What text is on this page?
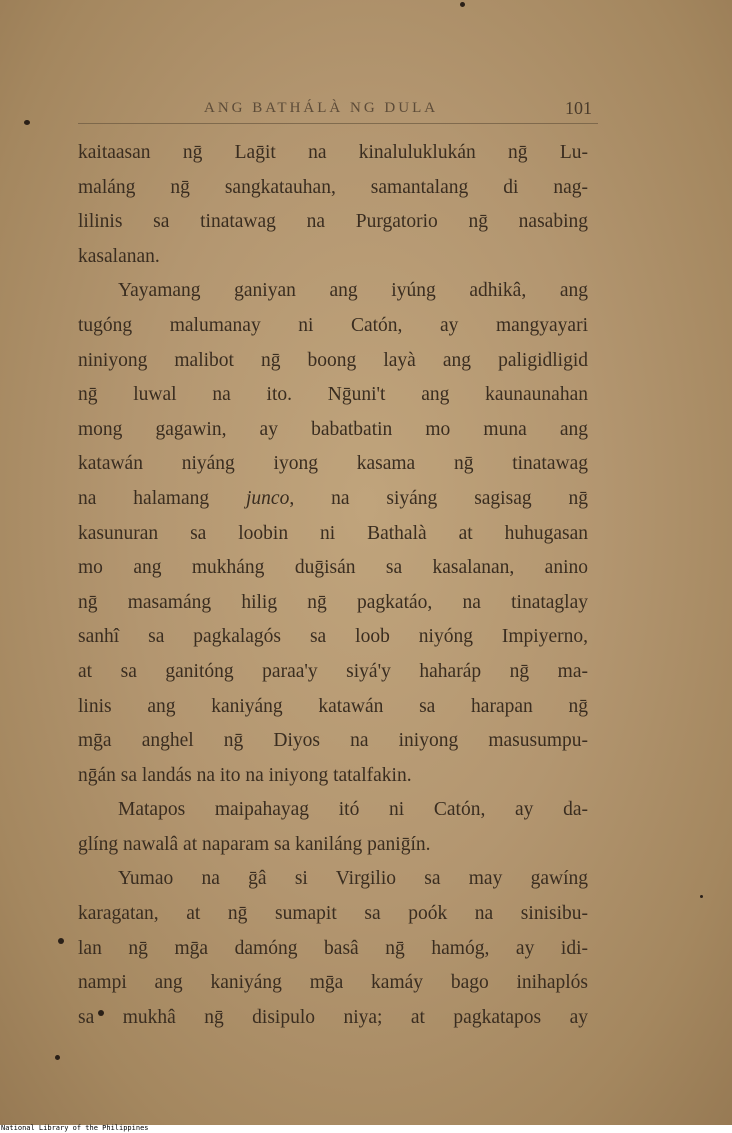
ANG BATHÁLÀ NG DULA	101
kaitaasan nḡ Laḡit na kinaluluklukán nḡ Lu-
maláng nḡ sangkatauhan, samantalang di nag-
lilinis sa tinatawag na Purgatorio nḡ nasabing
kasalanan.
Yayamang ganiyan ang iyúng adhikâ, ang
tugóng malumanay ni Catón, ay mangyayari
niniyong malibot nḡ boong layà ang paligidligid
nḡ luwal na ito. Nḡuni't ang kaunaunahan
mong gagawin, ay babatbatin mo muna ang
katawán niyáng iyong kasama nḡ tinatawag
na halamang junco, na siyáng sagisag nḡ
kasunuran sa loobin ni Bathalà at huhugasan
mo ang mukháng duḡisán sa kasalanan, anino
nḡ masamáng hilig nḡ pagkatáo, na tinataglay
sanhî sa pagkalagós sa loob niyóng Impiyerno,
at sa ganitóng paraa'y siyá'y haharáp nḡ ma-
linis ang kaniyáng katawán sa harapan nḡ
mḡa anghel nḡ Diyos na iniyong masusumpu-
nḡán sa landás na ito na iniyong tatalfakin.
Matapos maipahayag itó ni Catón, ay da-
glíng nawalâ at naparam sa kaniláng paniḡín.
Yumao na ḡâ si Virgilio sa may gawíng
karagatan, at nḡ sumapit sa poók na sinisibu-
lan nḡ mḡa damóng basâ nḡ hamóg, ay idi-
nampi ang kaniyáng mḡa kamáy bago inihaplós
sa mukhâ nḡ disipulo niya; at pagkatapos ay
National Library of the Philippines
